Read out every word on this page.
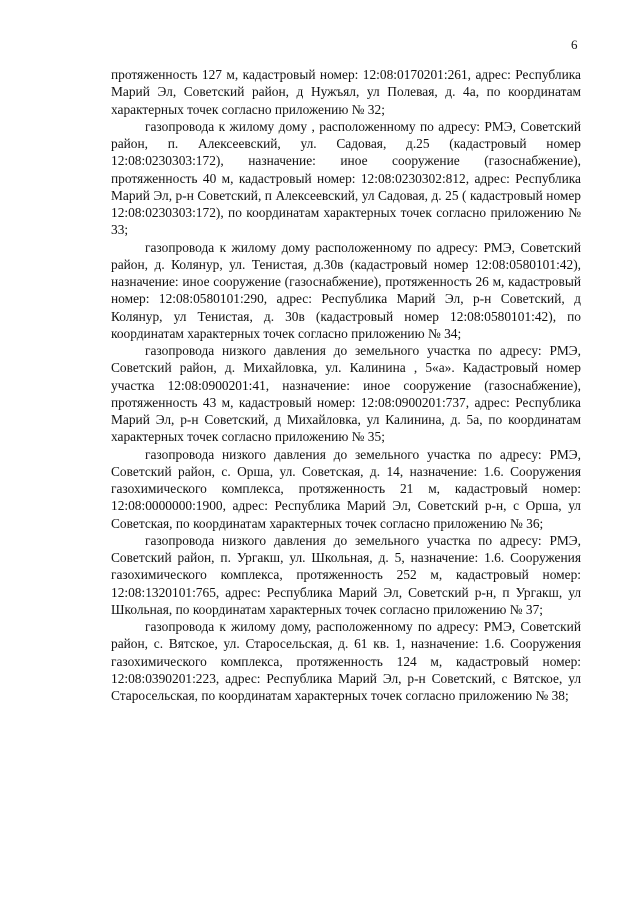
6

протяженность 127 м, кадастровый номер: 12:08:0170201:261, адрес: Республика Марий Эл, Советский район, д Нужъял, ул Полевая, д. 4а, по координатам характерных точек согласно приложению № 32;

газопровода к жилому дому , расположенному по адресу: РМЭ, Советский район, п. Алексеевский, ул. Садовая, д.25 (кадастровый номер 12:08:0230303:172), назначение: иное сооружение (газоснабжение), протяженность 40 м, кадастровый номер: 12:08:0230302:812, адрес: Республика Марий Эл, р-н Советский, п Алексеевский, ул Садовая, д. 25 ( кадастровый номер 12:08:0230303:172), по координатам характерных точек согласно приложению № 33;

газопровода к жилому дому расположенному по адресу: РМЭ, Советский район, д. Колянур, ул. Тенистая, д.30в (кадастровый номер 12:08:0580101:42), назначение: иное сооружение (газоснабжение), протяженность 26 м, кадастровый номер: 12:08:0580101:290, адрес: Республика Марий Эл, р-н Советский, д Колянур, ул Тенистая, д. 30в (кадастровый номер 12:08:0580101:42), по координатам характерных точек согласно приложению № 34;

газопровода низкого давления до земельного участка по адресу: РМЭ, Советский район, д. Михайловка, ул. Калинина , 5«а». Кадастровый номер участка 12:08:0900201:41, назначение: иное сооружение (газоснабжение), протяженность 43 м, кадастровый номер: 12:08:0900201:737, адрес: Республика Марий Эл, р-н Советский, д Михайловка, ул Калинина, д. 5а, по координатам характерных точек согласно приложению № 35;

газопровода низкого давления до земельного участка по адресу: РМЭ, Советский район, с. Орша, ул. Советская, д. 14, назначение: 1.6. Сооружения газохимического комплекса, протяженность 21 м, кадастровый номер: 12:08:0000000:1900, адрес: Республика Марий Эл, Советский р-н, с Орша, ул Советская, по координатам характерных точек согласно приложению № 36;

газопровода низкого давления до земельного участка по адресу: РМЭ, Советский район, п. Ургакш, ул. Школьная, д. 5, назначение: 1.6. Сооружения газохимического комплекса, протяженность 252 м, кадастровый номер: 12:08:1320101:765, адрес: Республика Марий Эл, Советский р-н, п Ургакш, ул Школьная, по координатам характерных точек согласно приложению № 37;

газопровода к жилому дому, расположенному по адресу: РМЭ, Советский район, с. Вятское, ул. Старосельская, д. 61 кв. 1, назначение: 1.6. Сооружения газохимического комплекса, протяженность 124 м, кадастровый номер: 12:08:0390201:223, адрес: Республика Марий Эл, р-н Советский, с Вятское, ул Старосельская, по координатам характерных точек согласно приложению № 38;
